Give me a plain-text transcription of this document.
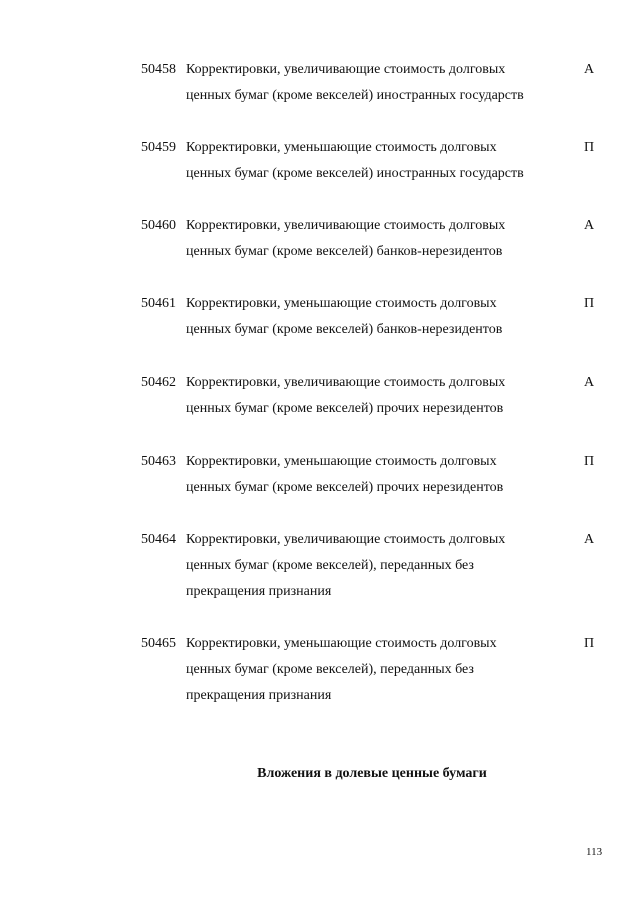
50458 Корректировки, увеличивающие стоимость долговых
ценных бумаг (кроме векселей) иностранных государств
А
50459 Корректировки, уменьшающие стоимость долговых
ценных бумаг (кроме векселей) иностранных государств
П
50460 Корректировки, увеличивающие стоимость долговых
ценных бумаг (кроме векселей) банков-нерезидентов
А
50461 Корректировки, уменьшающие стоимость долговых
ценных бумаг (кроме векселей) банков-нерезидентов
П
50462 Корректировки, увеличивающие стоимость долговых
ценных бумаг (кроме векселей) прочих нерезидентов
А
50463 Корректировки, уменьшающие стоимость долговых
ценных бумаг (кроме векселей) прочих нерезидентов
П
50464 Корректировки, увеличивающие стоимость долговых
ценных бумаг (кроме векселей), переданных без
прекращения признания
А
50465 Корректировки, уменьшающие стоимость долговых
ценных бумаг (кроме векселей), переданных без
прекращения признания
П
Вложения в долевые ценные бумаги
113
